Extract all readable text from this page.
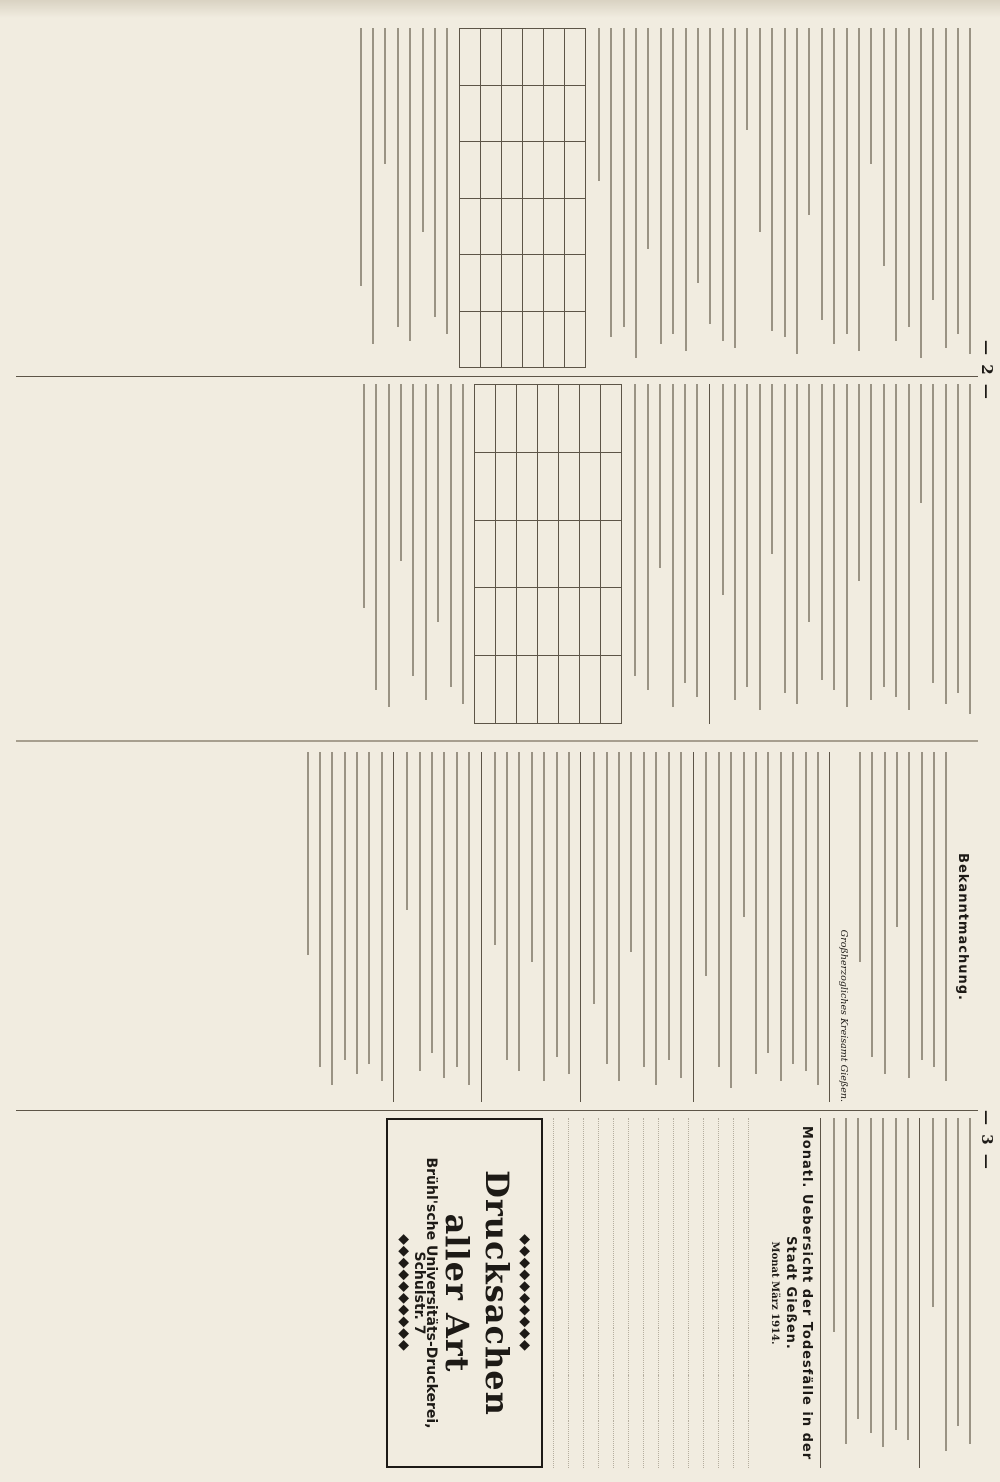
— 2 —
— 3 —

Bekanntmachung.
Großherzogliches Kreisamt Gießen.
Monatl. Uebersicht der Todesfälle in der Stadt Gießen.
Monat März 1914.

◆◆◆◆◆◆◆◆◆◆
Drucksachen aller Art
Brühl'sche Universitäts-Druckerei, Schulstr. 7
◆◆◆◆◆◆◆◆◆◆
